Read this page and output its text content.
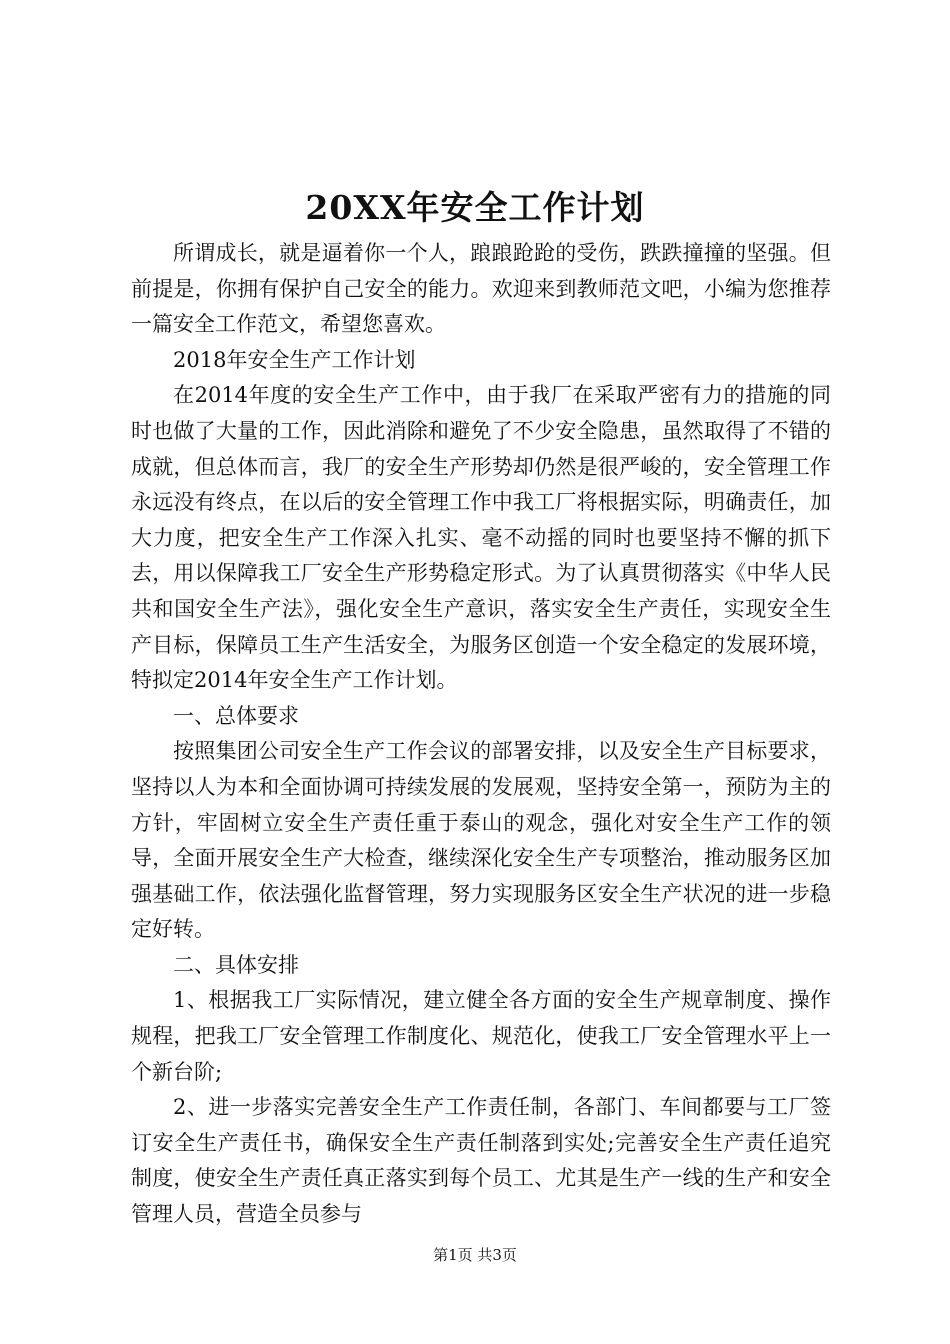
20XX年安全工作计划

所谓成长，就是逼着你一个人，踉踉跄跄的受伤，跌跌撞撞的坚强。但前提是，你拥有保护自己安全的能力。欢迎来到教师范文吧，小编为您推荐一篇安全工作范文，希望您喜欢。

2018年安全生产工作计划

在2014年度的安全生产工作中，由于我厂在采取严密有力的措施的同时也做了大量的工作，因此消除和避免了不少安全隐患，虽然取得了不错的成就，但总体而言，我厂的安全生产形势却仍然是很严峻的，安全管理工作永远没有终点，在以后的安全管理工作中我工厂将根据实际，明确责任，加大力度，把安全生产工作深入扎实、毫不动摇的同时也要坚持不懈的抓下去，用以保障我工厂安全生产形势稳定形式。为了认真贯彻落实《中华人民共和国安全生产法》，强化安全生产意识，落实安全生产责任，实现安全生产目标，保障员工生产生活安全，为服务区创造一个安全稳定的发展环境，特拟定2014年安全生产工作计划。

一、总体要求

按照集团公司安全生产工作会议的部署安排，以及安全生产目标要求，坚持以人为本和全面协调可持续发展的发展观，坚持安全第一，预防为主的方针，牢固树立安全生产责任重于泰山的观念，强化对安全生产工作的领导，全面开展安全生产大检查，继续深化安全生产专项整治，推动服务区加强基础工作，依法强化监督管理，努力实现服务区安全生产状况的进一步稳定好转。

二、具体安排

1、根据我工厂实际情况，建立健全各方面的安全生产规章制度、操作规程，把我工厂安全管理工作制度化、规范化，使我工厂安全管理水平上一个新台阶;

2、进一步落实完善安全生产工作责任制，各部门、车间都要与工厂签订安全生产责任书，确保安全生产责任制落到实处;完善安全生产责任追究制度，使安全生产责任真正落实到每个员工、尤其是生产一线的生产和安全管理人员，营造全员参与

第1页 共3页
